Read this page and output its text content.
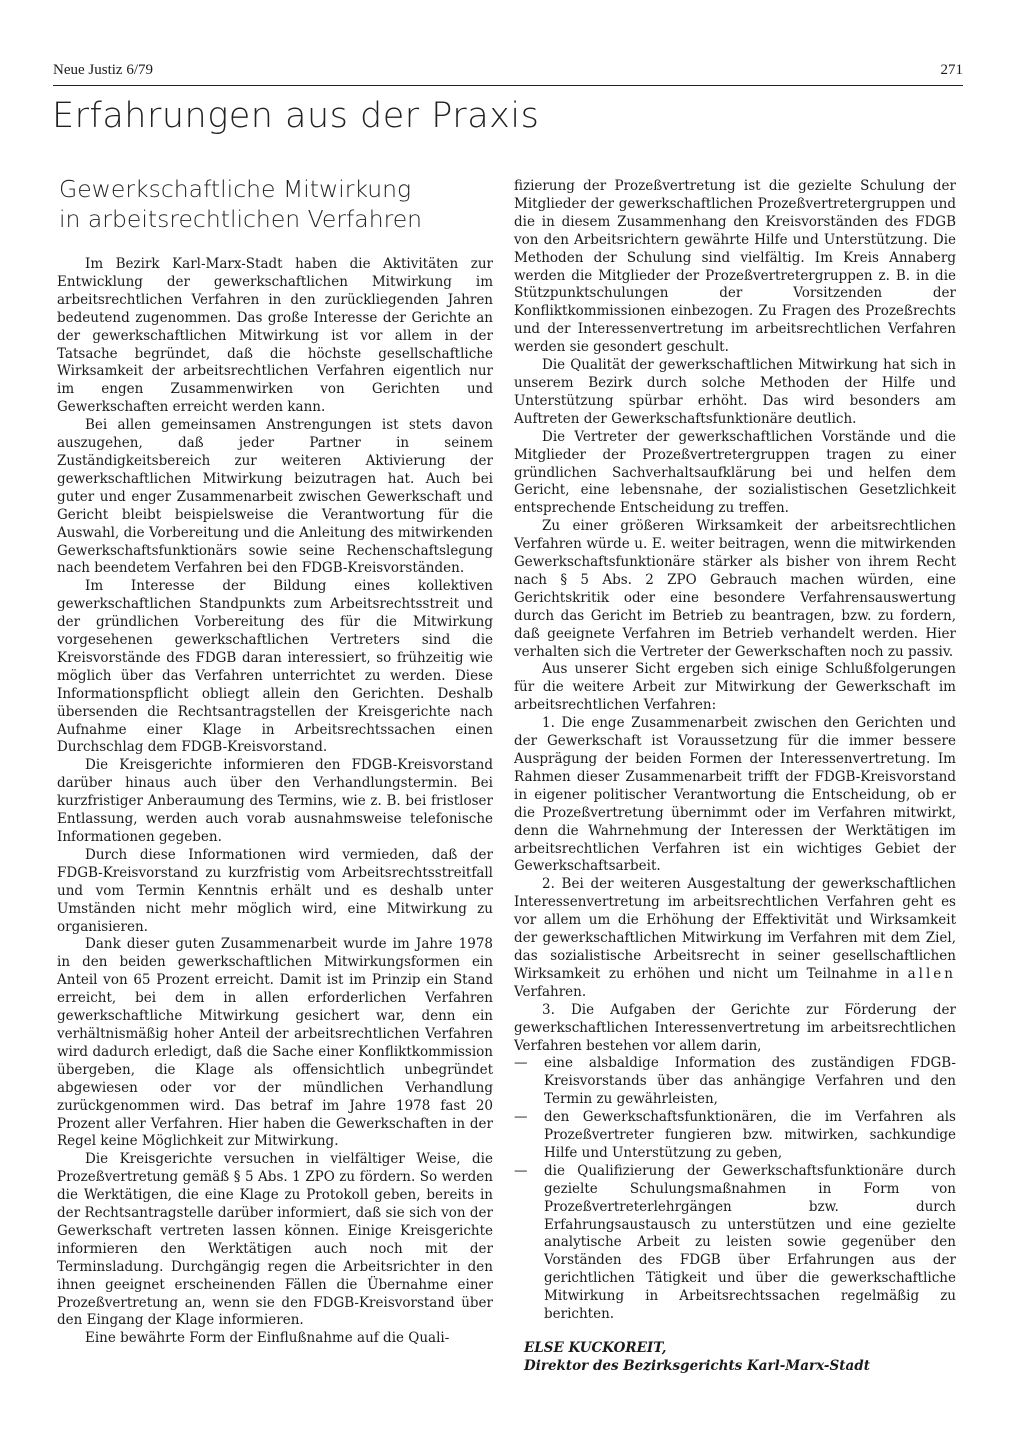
Neue Justiz 6/79	271
Erfahrungen aus der Praxis
Gewerkschaftliche Mitwirkung
in arbeitsrechtlichen Verfahren

Im Bezirk Karl-Marx-Stadt haben die Aktivitäten zur Entwicklung der gewerkschaftlichen Mitwirkung im arbeitsrechtlichen Verfahren in den zurückliegenden Jahren bedeutend zugenommen. Das große Interesse der Gerichte an der gewerkschaftlichen Mitwirkung ist vor allem in der Tatsache begründet, daß die höchste gesellschaftliche Wirksamkeit der arbeitsrechtlichen Verfahren eigentlich nur im engen Zusammenwirken von Gerichten und Gewerkschaften erreicht werden kann.

Bei allen gemeinsamen Anstrengungen ist stets davon auszugehen, daß jeder Partner in seinem Zuständigkeitsbereich zur weiteren Aktivierung der gewerkschaftlichen Mitwirkung beizutragen hat. Auch bei guter und enger Zusammenarbeit zwischen Gewerkschaft und Gericht bleibt beispielsweise die Verantwortung für die Auswahl, die Vorbereitung und die Anleitung des mitwirkenden Gewerkschaftsfunktionärs sowie seine Rechenschaftslegung nach beendetem Verfahren bei den FDGB-Kreisvorständen.

Im Interesse der Bildung eines kollektiven gewerkschaftlichen Standpunkts zum Arbeitsrechtsstreit und der gründlichen Vorbereitung des für die Mitwirkung vorgesehenen gewerkschaftlichen Vertreters sind die Kreisvorstände des FDGB daran interessiert, so frühzeitig wie möglich über das Verfahren unterrichtet zu werden. Diese Informationspflicht obliegt allein den Gerichten. Deshalb übersenden die Rechtsantragstellen der Kreisgerichte nach Aufnahme einer Klage in Arbeitsrechtssachen einen Durchschlag dem FDGB-Kreisvorstand.

Die Kreisgerichte informieren den FDGB-Kreisvorstand darüber hinaus auch über den Verhandlungstermin. Bei kurzfristiger Anberaumung des Termins, wie z. B. bei fristloser Entlassung, werden auch vorab ausnahmsweise telefonische Informationen gegeben.

Durch diese Informationen wird vermieden, daß der FDGB-Kreisvorstand zu kurzfristig vom Arbeitsrechtsstreitfall und vom Termin Kenntnis erhält und es deshalb unter Umständen nicht mehr möglich wird, eine Mitwirkung zu organisieren.

Dank dieser guten Zusammenarbeit wurde im Jahre 1978 in den beiden gewerkschaftlichen Mitwirkungsformen ein Anteil von 65 Prozent erreicht. Damit ist im Prinzip ein Stand erreicht, bei dem in allen erforderlichen Verfahren gewerkschaftliche Mitwirkung gesichert war, denn ein verhältnismäßig hoher Anteil der arbeitsrechtlichen Verfahren wird dadurch erledigt, daß die Sache einer Konfliktkommission übergeben, die Klage als offensichtlich unbegründet abgewiesen oder vor der mündlichen Verhandlung zurückgenommen wird. Das betraf im Jahre 1978 fast 20 Prozent aller Verfahren. Hier haben die Gewerkschaften in der Regel keine Möglichkeit zur Mitwirkung.

Die Kreisgerichte versuchen in vielfältiger Weise, die Prozeßvertretung gemäß § 5 Abs. 1 ZPO zu fördern. So werden die Werktätigen, die eine Klage zu Protokoll geben, bereits in der Rechtsantragstelle darüber informiert, daß sie sich von der Gewerkschaft vertreten lassen können. Einige Kreisgerichte informieren den Werktätigen auch noch mit der Terminsladung. Durchgängig regen die Arbeitsrichter in den ihnen geeignet erscheinenden Fällen die Übernahme einer Prozeßvertretung an, wenn sie den FDGB-Kreisvorstand über den Eingang der Klage informieren.

Eine bewährte Form der Einflußnahme auf die Quali-

fizierung der Prozeßvertretung ist die gezielte Schulung der Mitglieder der gewerkschaftlichen Prozeßvertretergruppen und die in diesem Zusammenhang den Kreisvorständen des FDGB von den Arbeitsrichtern gewährte Hilfe und Unterstützung. Die Methoden der Schulung sind vielfältig. Im Kreis Annaberg werden die Mitglieder der Prozeßvertretergruppen z. B. in die Stützpunktschulungen der Vorsitzenden der Konfliktkommissionen einbezogen. Zu Fragen des Prozeßrechts und der Interessenvertretung im arbeitsrechtlichen Verfahren werden sie gesondert geschult.

Die Qualität der gewerkschaftlichen Mitwirkung hat sich in unserem Bezirk durch solche Methoden der Hilfe und Unterstützung spürbar erhöht. Das wird besonders am Auftreten der Gewerkschaftsfunktionäre deutlich.

Die Vertreter der gewerkschaftlichen Vorstände und die Mitglieder der Prozeßvertretergruppen tragen zu einer gründlichen Sachverhaltsaufklärung bei und helfen dem Gericht, eine lebensnahe, der sozialistischen Gesetzlichkeit entsprechende Entscheidung zu treffen.

Zu einer größeren Wirksamkeit der arbeitsrechtlichen Verfahren würde u. E. weiter beitragen, wenn die mitwirkenden Gewerkschaftsfunktionäre stärker als bisher von ihrem Recht nach § 5 Abs. 2 ZPO Gebrauch machen würden, eine Gerichtskritik oder eine besondere Verfahrensauswertung durch das Gericht im Betrieb zu beantragen, bzw. zu fordern, daß geeignete Verfahren im Betrieb verhandelt werden. Hier verhalten sich die Vertreter der Gewerkschaften noch zu passiv.

Aus unserer Sicht ergeben sich einige Schlußfolgerungen für die weitere Arbeit zur Mitwirkung der Gewerkschaft im arbeitsrechtlichen Verfahren:

1. Die enge Zusammenarbeit zwischen den Gerichten und der Gewerkschaft ist Voraussetzung für die immer bessere Ausprägung der beiden Formen der Interessenvertretung. Im Rahmen dieser Zusammenarbeit trifft der FDGB-Kreisvorstand in eigener politischer Verantwortung die Entscheidung, ob er die Prozeßvertretung übernimmt oder im Verfahren mitwirkt, denn die Wahrnehmung der Interessen der Werktätigen im arbeitsrechtlichen Verfahren ist ein wichtiges Gebiet der Gewerkschaftsarbeit.

2. Bei der weiteren Ausgestaltung der gewerkschaftlichen Interessenvertretung im arbeitsrechtlichen Verfahren geht es vor allem um die Erhöhung der Effektivität und Wirksamkeit der gewerkschaftlichen Mitwirkung im Verfahren mit dem Ziel, das sozialistische Arbeitsrecht in seiner gesellschaftlichen Wirksamkeit zu erhöhen und nicht um Teilnahme in allen Verfahren.

3. Die Aufgaben der Gerichte zur Förderung der gewerkschaftlichen Interessenvertretung im arbeitsrechtlichen Verfahren bestehen vor allem darin,

— eine alsbaldige Information des zuständigen FDGB-Kreisvorstands über das anhängige Verfahren und den Termin zu gewährleisten,
— den Gewerkschaftsfunktionären, die im Verfahren als Prozeßvertreter fungieren bzw. mitwirken, sachkundige Hilfe und Unterstützung zu geben,
— die Qualifizierung der Gewerkschaftsfunktionäre durch gezielte Schulungsmaßnahmen in Form von Prozeßvertreterlehrgängen bzw. durch Erfahrungsaustausch zu unterstützen und eine gezielte analytische Arbeit zu leisten sowie gegenüber den Vorständen des FDGB über Erfahrungen aus der gerichtlichen Tätigkeit und über die gewerkschaftliche Mitwirkung in Arbeitsrechtssachen regelmäßig zu berichten.
ELSE KUCKOREIT,
Direktor des Bezirksgerichts Karl-Marx-Stadt
